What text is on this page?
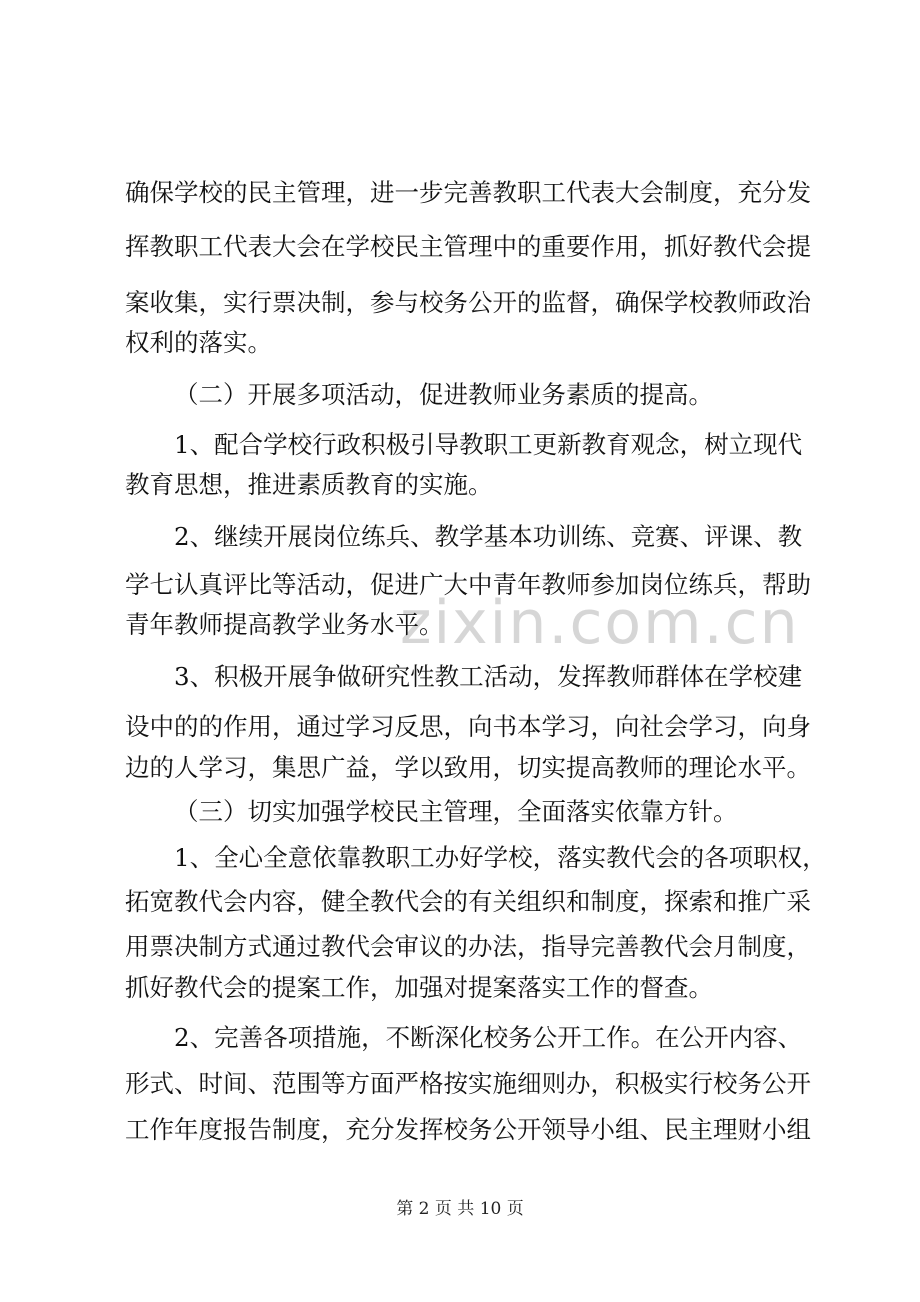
zixin.com.cn
确保学校的民主管理，进一步完善教职工代表大会制度，充分发
挥教职工代表大会在学校民主管理中的重要作用，抓好教代会提
案收集，实行票决制，参与校务公开的监督，确保学校教师政治
权利的落实。
（二）开展多项活动，促进教师业务素质的提高。
1、配合学校行政积极引导教职工更新教育观念，树立现代
教育思想，推进素质教育的实施。
2、继续开展岗位练兵、教学基本功训练、竞赛、评课、教
学七认真评比等活动，促进广大中青年教师参加岗位练兵，帮助
青年教师提高教学业务水平。
3、积极开展争做研究性教工活动，发挥教师群体在学校建
设中的的作用，通过学习反思，向书本学习，向社会学习，向身
边的人学习，集思广益，学以致用，切实提高教师的理论水平。
（三）切实加强学校民主管理，全面落实依靠方针。
1、全心全意依靠教职工办好学校，落实教代会的各项职权，
拓宽教代会内容，健全教代会的有关组织和制度，探索和推广采
用票决制方式通过教代会审议的办法，指导完善教代会月制度，
抓好教代会的提案工作，加强对提案落实工作的督查。
2、完善各项措施，不断深化校务公开工作。在公开内容、
形式、时间、范围等方面严格按实施细则办，积极实行校务公开
工作年度报告制度，充分发挥校务公开领导小组、民主理财小组
第 2 页 共 10 页
